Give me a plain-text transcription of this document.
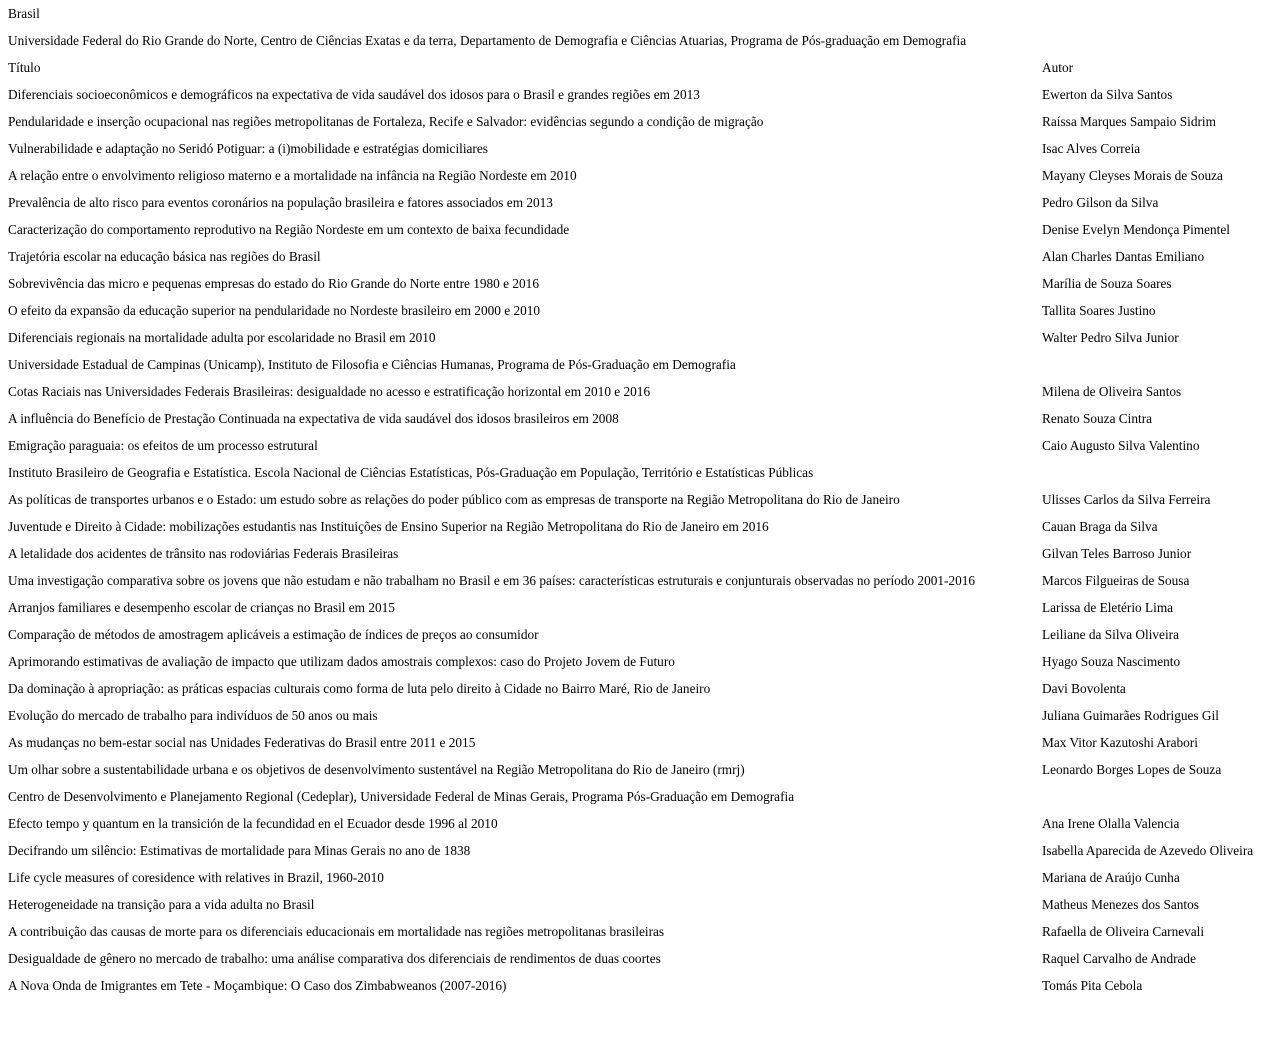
Brasil
Universidade Federal do Rio Grande do Norte, Centro de Ciências Exatas e da terra, Departamento de Demografia e Ciências Atuarias, Programa de Pós-graduação em Demografia
Título	Autor
Diferenciais socioeconômicos e demográficos na expectativa de vida saudável dos idosos para o Brasil e grandes regiões em 2013	Ewerton da Silva Santos
Pendularidade e inserção ocupacional nas regiões metropolitanas de Fortaleza, Recife e Salvador: evidências segundo a condição de migração	Raíssa Marques Sampaio Sidrim
Vulnerabilidade e adaptação no Seridó Potiguar: a (i)mobilidade e estratégias domiciliares	Isac Alves Correia
A relação entre o envolvimento religioso materno e a mortalidade na infância na Região Nordeste em 2010	Mayany Cleyses Morais de Souza
Prevalência de alto risco para eventos coronários na população brasileira e fatores associados em 2013	Pedro Gilson da Silva
Caracterização do comportamento reprodutivo na Região Nordeste em um contexto de baixa fecundidade	Denise Evelyn Mendonça Pimentel
Trajetória escolar na educação básica nas regiões do Brasil	Alan Charles Dantas Emiliano
Sobrevivência das micro e pequenas empresas do estado do Rio Grande do Norte entre 1980 e 2016	Marília de Souza Soares
O efeito da expansão da educação superior na pendularidade no Nordeste brasileiro em 2000 e 2010	Tallita Soares Justino
Diferenciais regionais na mortalidade adulta por escolaridade no Brasil em 2010	Walter Pedro Silva Junior
Universidade Estadual de Campinas (Unicamp), Instituto de Filosofia e Ciências Humanas, Programa de Pós-Graduação em Demografia
Cotas Raciais nas Universidades Federais Brasileiras: desigualdade no acesso e estratificação horizontal em 2010 e 2016	Milena de Oliveira Santos
A influência do Benefício de Prestação Continuada na expectativa de vida saudável dos idosos brasileiros em 2008	Renato Souza Cintra
Emigração paraguaia: os efeitos de um processo estrutural	Caio Augusto Silva Valentino
Instituto Brasileiro de Geografia e Estatística. Escola Nacional de Ciências Estatísticas, Pós-Graduação em População, Território e Estatísticas Públicas
As políticas de transportes urbanos e o Estado: um estudo sobre as relações do poder público com as empresas de transporte na Região Metropolitana do Rio de Janeiro	Ulisses Carlos da Silva Ferreira
Juventude e Direito à Cidade: mobilizações estudantis nas Instituições de Ensino Superior na Região Metropolitana do Rio de Janeiro em 2016	Cauan Braga da Silva
A letalidade dos acidentes de trânsito nas rodoviárias Federais Brasileiras	Gilvan Teles Barroso Junior
Uma investigação comparativa sobre os jovens que não estudam e não trabalham no Brasil e em 36 países: características estruturais e conjunturais observadas no período 2001-2016	Marcos Filgueiras de Sousa
Arranjos familiares e desempenho escolar de crianças no Brasil em 2015	Larissa de Eletério Lima
Comparação de métodos de amostragem aplicáveis a estimação de índices de preços ao consumidor	Leiliane da Silva Oliveira
Aprimorando estimativas de avaliação de impacto que utilizam dados amostrais complexos: caso do Projeto Jovem de Futuro	Hyago Souza Nascimento
Da dominação à apropriação: as práticas espacias culturais como forma de luta pelo direito à Cidade no Bairro Maré, Rio de Janeiro	Davi Bovolenta
Evolução do mercado de trabalho para indivíduos de 50 anos ou mais	Juliana Guimarães Rodrigues Gil
As mudanças no bem-estar social nas Unidades Federativas do Brasil entre 2011 e 2015	Max Vitor Kazutoshi Arabori
Um olhar sobre a sustentabilidade urbana e os objetivos de desenvolvimento sustentável na Região Metropolitana do Rio de Janeiro (rmrj)	Leonardo Borges Lopes de Souza
Centro de Desenvolvimento e Planejamento Regional (Cedeplar), Universidade Federal de Minas Gerais, Programa Pós-Graduação em Demografia
Efecto tempo y quantum en la transición de la fecundidad en el Ecuador desde 1996 al 2010	Ana Irene Olalla Valencia
Decifrando um silêncio: Estimativas de mortalidade para Minas Gerais no ano de 1838	Isabella Aparecida de Azevedo Oliveira
Life cycle measures of coresidence with relatives in Brazil, 1960-2010	Mariana de Araújo Cunha
Heterogeneidade na transição para a vida adulta no Brasil	Matheus Menezes dos Santos
A contribuição das causas de morte para os diferenciais educacionais em mortalidade nas regiões metropolitanas brasileiras	Rafaella de Oliveira Carnevali
Desigualdade de gênero no mercado de trabalho: uma análise comparativa dos diferenciais de rendimentos de duas coortes	Raquel Carvalho de Andrade
A Nova Onda de Imigrantes em Tete - Moçambique: O Caso dos Zimbabweanos (2007-2016)	Tomás Pita Cebola
